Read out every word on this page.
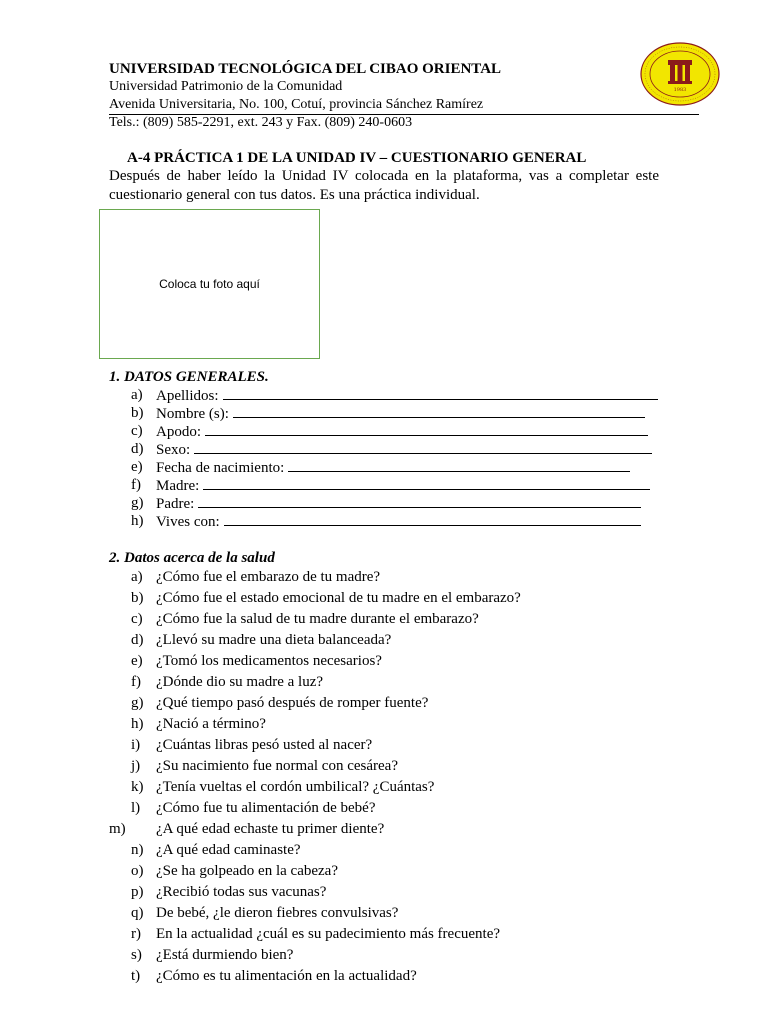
UNIVERSIDAD TECNOLÓGICA DEL CIBAO ORIENTAL
Universidad Patrimonio de la Comunidad
Avenida Universitaria, No. 100, Cotuí, provincia Sánchez Ramírez
Tels.: (809) 585-2291, ext. 243 y Fax. (809) 240-0603
1983
A-4 PRÁCTICA 1 DE LA UNIDAD IV – CUESTIONARIO GENERAL
Después de haber leído la Unidad IV colocada en la plataforma, vas a completar este cuestionario general con tus datos. Es una práctica individual.
Coloca tu foto aquí
1. DATOS GENERALES.
a) Apellidos:
b) Nombre (s):
c) Apodo:
d) Sexo:
e) Fecha de nacimiento:
f) Madre:
g) Padre:
h) Vives con:
2. Datos acerca de la salud
a) ¿Cómo fue el embarazo de tu madre?
b) ¿Cómo fue el estado emocional de tu madre en el embarazo?
c) ¿Cómo fue la salud de tu madre durante el embarazo?
d) ¿Llevó su madre una dieta balanceada?
e) ¿Tomó los medicamentos necesarios?
f) ¿Dónde dio su madre a luz?
g) ¿Qué tiempo pasó después de romper fuente?
h) ¿Nació a término?
i) ¿Cuántas libras pesó usted al nacer?
j) ¿Su nacimiento fue normal con cesárea?
k) ¿Tenía vueltas el cordón umbilical? ¿Cuántas?
l) ¿Cómo fue tu alimentación de bebé?
m) ¿A qué edad echaste tu primer diente?
n) ¿A qué edad caminaste?
o) ¿Se ha golpeado en la cabeza?
p) ¿Recibió todas sus vacunas?
q) De bebé, ¿le dieron fiebres convulsivas?
r) En la actualidad ¿cuál es su padecimiento más frecuente?
s) ¿Está durmiendo bien?
t) ¿Cómo es tu alimentación en la actualidad?
